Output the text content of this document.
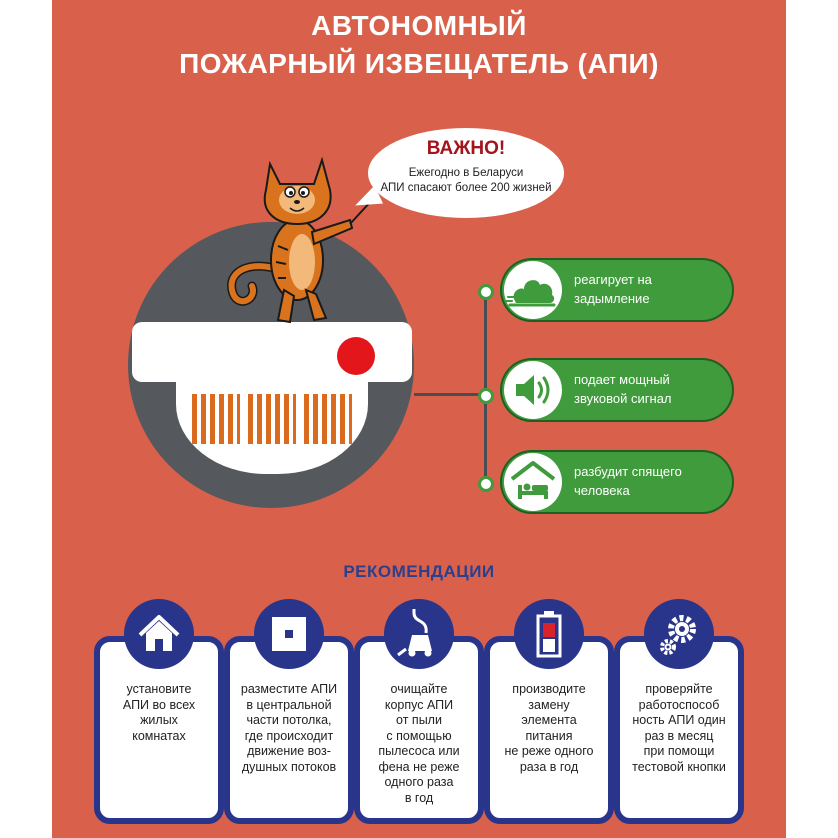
АВТОНОМНЫЙ
ПОЖАРНЫЙ ИЗВЕЩАТЕЛЬ (АПИ)
ВАЖНО!
Ежегодно в Беларуси
АПИ спасают более 200 жизней
реагирует на
задымление
подает мощный
звуковой сигнал
разбудит спящего
человека
РЕКОМЕНДАЦИИ
установите
АПИ во всех
жилых
комнатах
разместите АПИ
в центральной
части потолка,
где происходит
движение воз-
душных потоков
очищайте
корпус АПИ
от пыли
с помощью
пылесоса или
фена не реже
одного раза
в год
производите
замену
элемента
питания
не реже одного
раза в год
проверяйте
работоспособ
ность АПИ один
раз в месяц
при помощи
тестовой кнопки
